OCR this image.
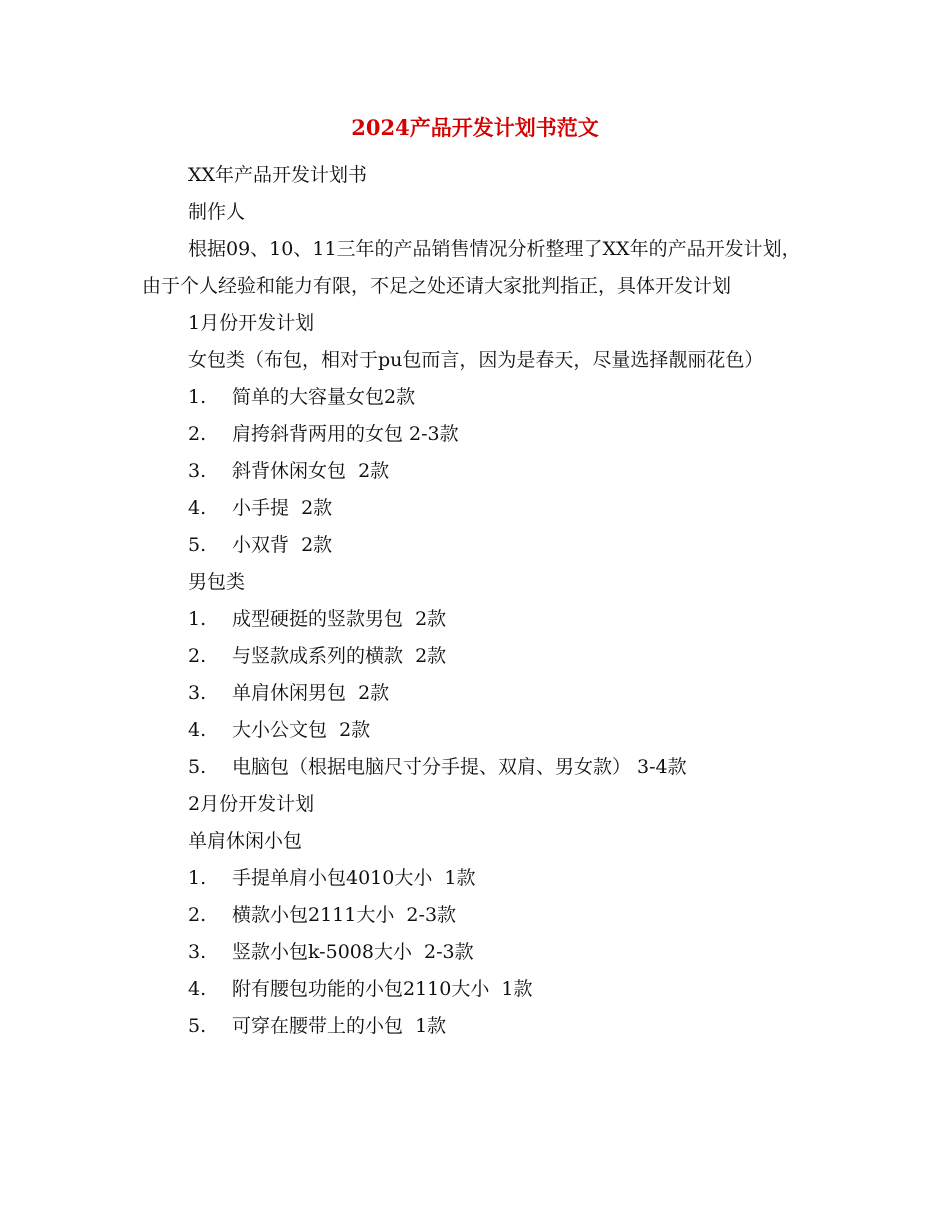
2024产品开发计划书范文

XX年产品开发计划书

制作人

根据09、10、11三年的产品销售情况分析整理了XX年的产品开发计划，由于个人经验和能力有限，不足之处还请大家批判指正，具体开发计划

1月份开发计划

女包类（布包，相对于pu包而言，因为是春天，尽量选择靓丽花色）

1.	简单的大容量女包2款
2.	肩挎斜背两用的女包 2-3款
3.	斜背休闲女包  2款
4.	小手提  2款
5.	小双背  2款

男包类

1.	成型硬挺的竖款男包  2款
2.	与竖款成系列的横款  2款
3.	单肩休闲男包  2款
4.	大小公文包  2款
5.	电脑包（根据电脑尺寸分手提、双肩、男女款） 3-4款

2月份开发计划

单肩休闲小包

1.	手提单肩小包4010大小  1款
2.	横款小包2111大小  2-3款
3.	竖款小包k-5008大小  2-3款
4.	附有腰包功能的小包2110大小  1款
5.	可穿在腰带上的小包  1款
